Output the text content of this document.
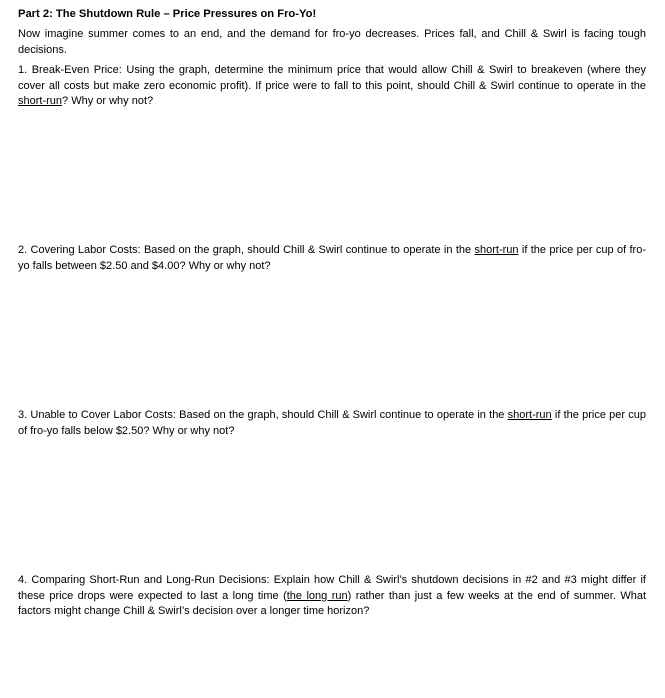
Part 2: The Shutdown Rule – Price Pressures on Fro-Yo!

Now imagine summer comes to an end, and the demand for fro-yo decreases. Prices fall, and Chill & Swirl is facing tough decisions.

1. Break-Even Price: Using the graph, determine the minimum price that would allow Chill & Swirl to breakeven (where they cover all costs but make zero economic profit). If price were to fall to this point, should Chill & Swirl continue to operate in the short-run? Why or why not?

2. Covering Labor Costs: Based on the graph, should Chill & Swirl continue to operate in the short-run if the price per cup of fro-yo falls between $2.50 and $4.00? Why or why not?

3. Unable to Cover Labor Costs: Based on the graph, should Chill & Swirl continue to operate in the short-run if the price per cup of fro-yo falls below $2.50? Why or why not?

4. Comparing Short-Run and Long-Run Decisions: Explain how Chill & Swirl’s shutdown decisions in #2 and #3 might differ if these price drops were expected to last a long time (the long run) rather than just a few weeks at the end of summer. What factors might change Chill & Swirl’s decision over a longer time horizon?
